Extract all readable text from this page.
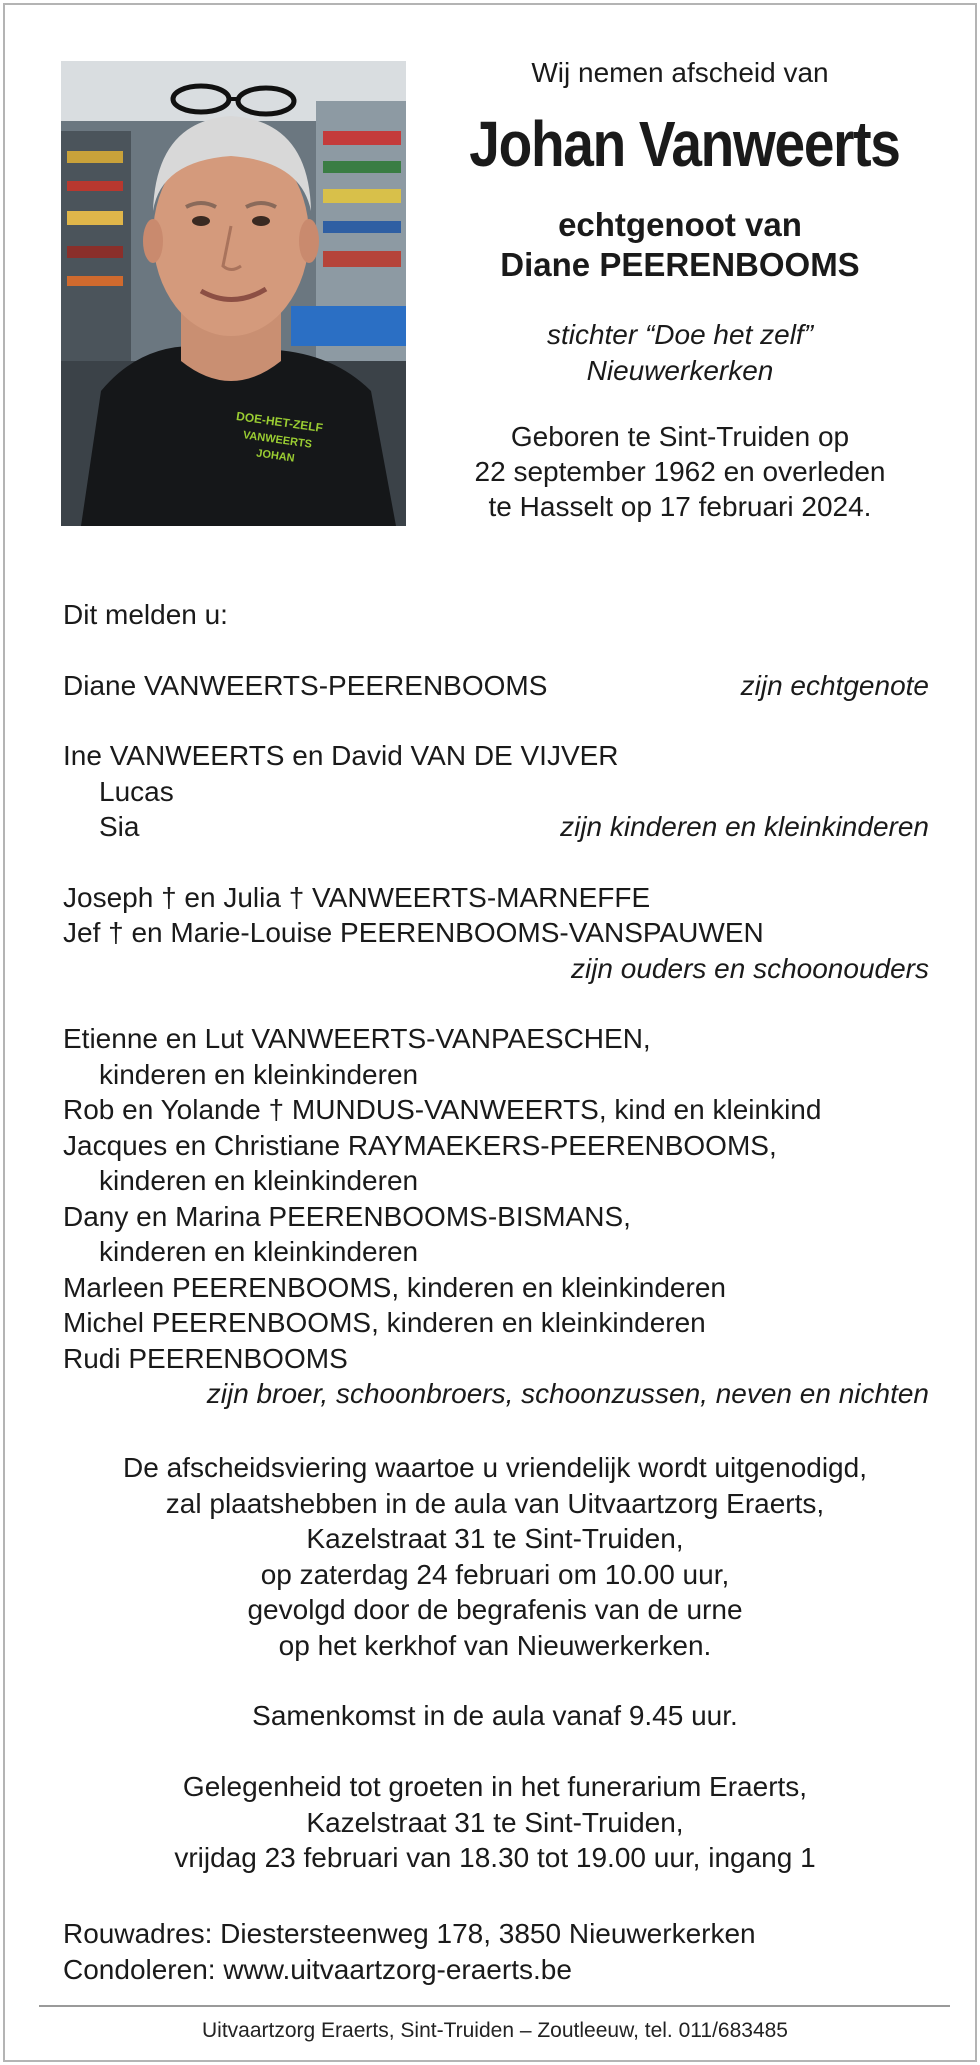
DOE-HET-ZELF
VANWEERTS
JOHAN
Wij nemen afscheid van
Johan Vanweerts
echtgenoot van
Diane PEERENBOOMS
stichter “Doe het zelf”
Nieuwerkerken
Geboren te Sint-Truiden op
22 september 1962 en overleden
te Hasselt op 17 februari 2024.
Dit melden u:
Diane VANWEERTS-PEERENBOOMS	zijn echtgenote
Ine VANWEERTS en David VAN DE VIJVER
Lucas
Sia	zijn kinderen en kleinkinderen
Joseph † en Julia † VANWEERTS-MARNEFFE
Jef † en Marie-Louise PEERENBOOMS-VANSPAUWEN
zijn ouders en schoonouders
Etienne en Lut VANWEERTS-VANPAESCHEN,
kinderen en kleinkinderen
Rob en Yolande † MUNDUS-VANWEERTS, kind en kleinkind
Jacques en Christiane RAYMAEKERS-PEERENBOOMS,
kinderen en kleinkinderen
Dany en Marina PEERENBOOMS-BISMANS,
kinderen en kleinkinderen
Marleen PEERENBOOMS, kinderen en kleinkinderen
Michel PEERENBOOMS, kinderen en kleinkinderen
Rudi PEERENBOOMS
zijn broer, schoonbroers, schoonzussen, neven en nichten
De afscheidsviering waartoe u vriendelijk wordt uitgenodigd,
zal plaatshebben in de aula van Uitvaartzorg Eraerts,
Kazelstraat 31 te Sint-Truiden,
op zaterdag 24 februari om 10.00 uur,
gevolgd door de begrafenis van de urne
op het kerkhof van Nieuwerkerken.
Samenkomst in de aula vanaf 9.45 uur.
Gelegenheid tot groeten in het funerarium Eraerts,
Kazelstraat 31 te Sint-Truiden,
vrijdag 23 februari van 18.30 tot 19.00 uur, ingang 1
Rouwadres: Diestersteenweg 178, 3850 Nieuwerkerken
Condoleren: www.uitvaartzorg-eraerts.be
Uitvaartzorg Eraerts, Sint-Truiden – Zoutleeuw, tel. 011/683485
